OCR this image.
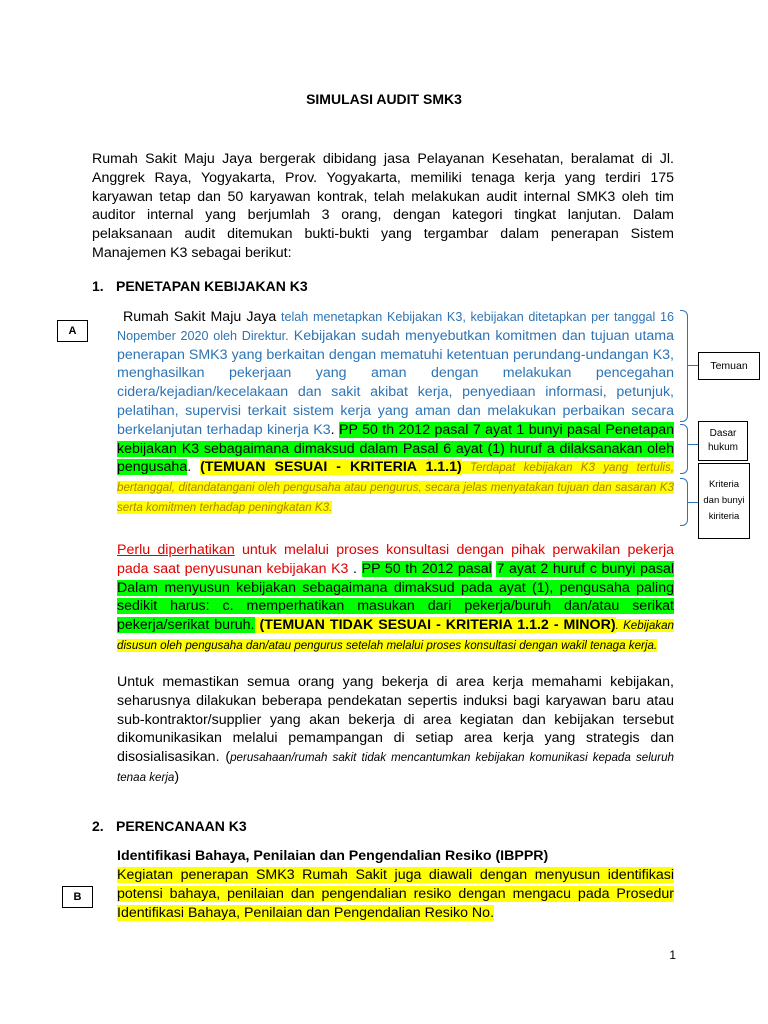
SIMULASI AUDIT SMK3
Rumah Sakit Maju Jaya bergerak dibidang jasa Pelayanan Kesehatan, beralamat di Jl. Anggrek Raya, Yogyakarta, Prov. Yogyakarta, memiliki tenaga kerja yang terdiri 175 karyawan tetap dan 50 karyawan kontrak, telah melakukan audit internal SMK3 oleh tim auditor internal yang berjumlah 3 orang, dengan kategori tingkat lanjutan. Dalam pelaksanaan audit ditemukan bukti-bukti yang tergambar dalam penerapan Sistem Manajemen K3 sebagai berikut:
1. PENETAPAN KEBIJAKAN K3
Rumah Sakit Maju Jaya telah menetapkan Kebijakan K3, kebijakan ditetapkan per tanggal 16 Nopember 2020 oleh Direktur. Kebijakan sudah menyebutkan komitmen dan tujuan utama penerapan SMK3 yang berkaitan dengan mematuhi ketentuan perundang-undangan K3, menghasilkan pekerjaan yang aman dengan melakukan pencegahan cidera/kejadian/kecelakaan dan sakit akibat kerja, penyediaan informasi, petunjuk, pelatihan, supervisi terkait sistem kerja yang aman dan melakukan perbaikan secara berkelanjutan terhadap kinerja K3. PP 50 th 2012 pasal 7 ayat 1 bunyi pasal Penetapan kebijakan K3 sebagaimana dimaksud dalam Pasal 6 ayat (1) huruf a dilaksanakan oleh pengusaha. (TEMUAN SESUAI - KRITERIA 1.1.1) Terdapat kebijakan K3 yang tertulis, bertanggal, ditandatangani oleh pengusaha atau pengurus, secara jelas menyatakan tujuan dan sasaran K3 serta komitmen terhadap peningkatan K3.
Perlu diperhatikan untuk melalui proses konsultasi dengan pihak perwakilan pekerja pada saat penyusunan kebijakan K3 . PP 50 th 2012 pasal 7 ayat 2 huruf c bunyi pasal Dalam menyusun kebijakan sebagaimana dimaksud pada ayat (1), pengusaha paling sedikit harus: c. memperhatikan masukan dari pekerja/buruh dan/atau serikat pekerja/serikat buruh. (TEMUAN TIDAK SESUAI - KRITERIA 1.1.2 - MINOR). Kebijakan disusun oleh pengusaha dan/atau pengurus setelah melalui proses konsultasi dengan wakil tenaga kerja.
Untuk memastikan semua orang yang bekerja di area kerja memahami kebijakan, seharusnya dilakukan beberapa pendekatan sepertis induksi bagi karyawan baru atau sub-kontraktor/supplier yang akan bekerja di area kegiatan dan kebijakan tersebut dikomunikasikan melalui pemampangan di setiap area kerja yang strategis dan disosialisasikan. (perusahaan/rumah sakit tidak mencantumkan kebijakan komunikasi kepada seluruh tenaa kerja)
2. PERENCANAAN K3
Identifikasi Bahaya, Penilaian dan Pengendalian Resiko (IBPPR)
Kegiatan penerapan SMK3 Rumah Sakit juga diawali dengan menyusun identifikasi potensi bahaya, penilaian dan pengendalian resiko dengan mengacu pada Prosedur Identifikasi Bahaya, Penilaian dan Pengendalian Resiko No.
A
B
Temuan
Dasar hukum
Kriteria dan bunyi kiriteria
1
